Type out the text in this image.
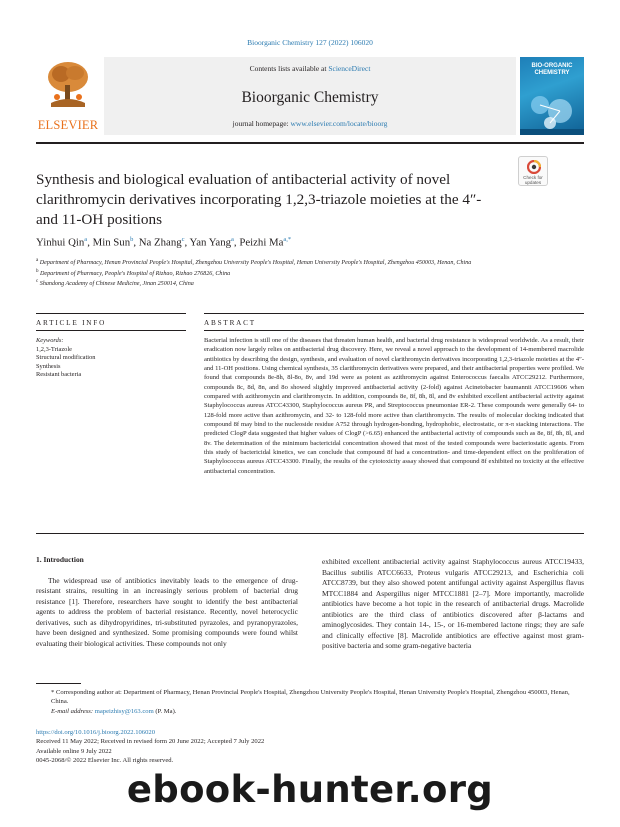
Bioorganic Chemistry 127 (2022) 106020
ELSEVIER
Contents lists available at ScienceDirect
Bioorganic Chemistry
journal homepage: www.elsevier.com/locate/bioorg
BIO-ORGANIC CHEMISTRY
Synthesis and biological evaluation of antibacterial activity of novel clarithromycin derivatives incorporating 1,2,3-triazole moieties at the 4″- and 11-OH positions
Check for updates
Yinhui Qin$^a$, Min Sun$^b$, Na Zhang$^c$, Yan Yang$^a$, Peizhi $Ma^{a,*}$
$^a$ Department of Pharmacy, Henan Provincial People's Hospital, Zhengzhou University People's Hospital, Henan University People's Hospital, Zhengzhou 450003, Henan, China
$^b$ Department of Pharmacy, People's Hospital of Rizhao, Rizhao 276826, China
$^c$ Shandong Academy of Chinese Medicine, Jinan 250014, China
ARTICLE INFO	ABSTRACT
Keywords:
1,2,3-Triazole
Structural modification
Synthesis
Resistant bacteria
Bacterial infection is still one of the diseases that threaten human health, and bacterial drug resistance is widespread worldwide. As a result, their eradication now largely relies on antibacterial drug discovery. Here, we reveal a novel approach to the development of 14-membered macrolide antibiotics by describing the design, synthesis, and evaluation of novel clarithromycin derivatives incorporating 1,2,3-triazole moieties at the 4″- and 11-OH positions. Using chemical synthesis, 35 clarithromycin derivatives were prepared, and their antibacterial properties were profiled. We found that compounds 8e-8h, 8l-8o, 8v, and 19d were as potent as azithromycin against Enterococcus faecalis ATCC29212. Furthermore, compounds 8c, 8d, 8n, and 8o showed slightly improved antibacterial activity (2-fold) against Acinetobacter baumannii ATCC19606 when compared with azithromycin and clarithromycin. In addition, compounds 8e, 8f, 8h, 8l, and 8v exhibited excellent antibacterial activity against Staphylococcus aureus ATCC43300, Staphylococcus aureus PR, and Streptococcus pneumoniae ER-2. These compounds were generally 64- to 128-fold more active than azithromycin, and 32- to 128-fold more active than clarithromycin. The results of molecular docking indicated that compound 8f may bind to the nucleoside residue A752 through hydrogen-bonding, hydrophobic, electrostatic, or π-π stacking interactions. The predicted ClogP data suggested that higher values of ClogP (>6.65) enhanced the antibacterial activity of compounds such as 8e, 8f, 8h, 8l, and 8v. The determination of the minimum bactericidal concentration showed that most of the tested compounds were bacteriostatic agents. From this study of bactericidal kinetics, we can conclude that compound 8f had a concentration- and time-dependent effect on the proliferation of Staphylococcus aureus ATCC43300. Finally, the results of the cytotoxicity assay showed that compound 8f exhibited no toxicity at the effective antibacterial concentration.
1. Introduction
The widespread use of antibiotics inevitably leads to the emergence of drug-resistant strains, resulting in an increasingly serious problem of bacterial drug resistance [1]. Therefore, researchers have sought to identify the best antibacterial agents to address the problem of bacterial resistance. Recently, novel heterocyclic derivatives, such as dihydropyridines, tri-substituted pyrazoles, and pyranopyrazoles, have been designed and synthesized. Some promising compounds were found whilst evaluating their biological activities. These compounds not only
exhibited excellent antibacterial activity against Staphylococcus aureus ATCC19433, Bacillus subtilis ATCC6633, Proteus vulgaris ATCC29213, and Escherichia coli ATCC8739, but they also showed potent antifungal activity against Aspergillus flavus MTCC1884 and Aspergillus niger MTCC1881 [2–7]. More importantly, macrolide antibiotics have become a hot topic in the research of antibacterial drugs. Macrolide antibiotics are the third class of antibiotics discovered after β-lactams and aminoglycosides. They contain 14-, 15-, or 16-membered lactone rings; they are safe and clinically effective [8]. Macrolide antibiotics are effective against most gram-positive bacteria and some gram-negative bacteria
* Corresponding author at: Department of Pharmacy, Henan Provincial People's Hospital, Zhengzhou University People's Hospital, Henan University People's Hospital, Zhengzhou 450003, Henan, China.
E-mail address: mapeizhisy@163.com (P. Ma).
https://doi.org/10.1016/j.bioorg.2022.106020
Received 11 May 2022; Received in revised form 20 June 2022; Accepted 7 July 2022
Available online 9 July 2022
0045-2068/© 2022 Elsevier Inc. All rights reserved.
ebook-hunter.org
